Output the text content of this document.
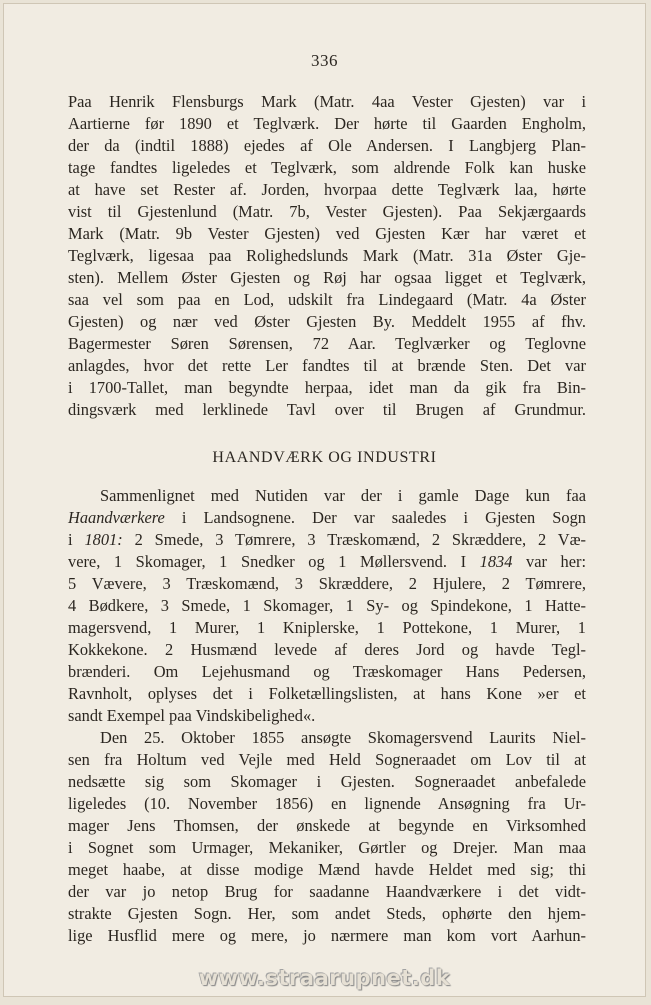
336
Paa Henrik Flensburgs Mark (Matr. 4aa Vester Gjesten) var i
Aartierne før 1890 et Teglværk. Der hørte til Gaarden Engholm,
der da (indtil 1888) ejedes af Ole Andersen. I Langbjerg Plan-
tage fandtes ligeledes et Teglværk, som aldrende Folk kan huske
at have set Rester af. Jorden, hvorpaa dette Teglværk laa, hørte
vist til Gjestenlund (Matr. 7b, Vester Gjesten). Paa Sekjærgaards
Mark (Matr. 9b Vester Gjesten) ved Gjesten Kær har været et
Teglværk, ligesaa paa Rolighedslunds Mark (Matr. 31a Øster Gje-
sten). Mellem Øster Gjesten og Røj har ogsaa ligget et Teglværk,
saa vel som paa en Lod, udskilt fra Lindegaard (Matr. 4a Øster
Gjesten) og nær ved Øster Gjesten By. Meddelt 1955 af fhv.
Bagermester Søren Sørensen, 72 Aar. Teglværker og Teglovne
anlagdes, hvor det rette Ler fandtes til at brænde Sten. Det var
i 1700-Tallet, man begyndte herpaa, idet man da gik fra Bin-
dingsværk med lerklinede Tavl over til Brugen af Grundmur.
HAANDVÆRK OG INDUSTRI

Sammenlignet med Nutiden var der i gamle Dage kun faa
Haandværkere i Landsognene. Der var saaledes i Gjesten Sogn
i 1801: 2 Smede, 3 Tømrere, 3 Træskomænd, 2 Skræddere, 2 Væ-
vere, 1 Skomager, 1 Snedker og 1 Møllersvend. I 1834 var her:
5 Vævere, 3 Træskomænd, 3 Skræddere, 2 Hjulere, 2 Tømrere,
4 Bødkere, 3 Smede, 1 Skomager, 1 Sy- og Spindekone, 1 Hatte-
magersvend, 1 Murer, 1 Kniplerske, 1 Pottekone, 1 Murer, 1
Kokkekone. 2 Husmænd levede af deres Jord og havde Tegl-
brænderi. Om Lejehusmand og Træskomager Hans Pedersen,
Ravnholt, oplyses det i Folketællingslisten, at hans Kone »er et
sandt Exempel paa Vindskibelighed«.

Den 25. Oktober 1855 ansøgte Skomagersvend Laurits Niel-
sen fra Holtum ved Vejle med Held Sogneraadet om Lov til at
nedsætte sig som Skomager i Gjesten. Sogneraadet anbefalede
ligeledes (10. November 1856) en lignende Ansøgning fra Ur-
mager Jens Thomsen, der ønskede at begynde en Virksomhed
i Sognet som Urmager, Mekaniker, Gørtler og Drejer. Man maa
meget haabe, at disse modige Mænd havde Heldet med sig; thi
der var jo netop Brug for saadanne Haandværkere i det vidt-
strakte Gjesten Sogn. Her, som andet Steds, ophørte den hjem-
lige Husflid mere og mere, jo nærmere man kom vort Aarhun-

www.straarupnet.dk
